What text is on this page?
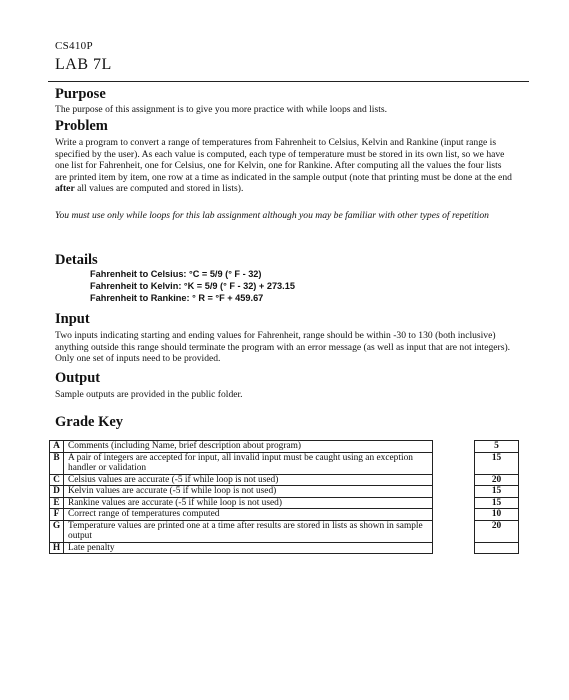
CS410P
LAB 7L
Purpose

The purpose of this assignment is to give you more practice with while loops and lists.

Problem

Write a program to convert a range of temperatures from Fahrenheit to Celsius, Kelvin and Rankine (input range is specified by the user). As each value is computed, each type of temperature must be stored in its own list, so we have one list for Fahrenheit, one for Celsius, one for Kelvin, one for Rankine. After computing all the values the four lists are printed item by item, one row at a time as indicated in the sample output (note that printing must be done at the end after all values are computed and stored in lists).

You must use only while loops for this lab assignment although you may be familiar with other types of repetition

Details
Fahrenheit to Celsius: °C = 5/9 (° F - 32)
Fahrenheit to Kelvin: °K = 5/9 (° F - 32) + 273.15
Fahrenheit to Rankine: ° R = °F + 459.67
Input

Two inputs indicating starting and ending values for Fahrenheit, range should be within -30 to 130 (both inclusive) anything outside this range should terminate the program with an error message (as well as input that are not integers). Only one set of inputs need to be provided.

Output

Sample outputs are provided in the public folder.

Grade Key
A	Comments (including Name, brief description about program)		5
B	A pair of integers are accepted for input, all invalid input must be caught using an exception handler or validation		15
C	Celsius values are accurate (-5 if while loop is not used)		20
D	Kelvin values are accurate (-5 if while loop is not used)		15
E	Rankine values are accurate (-5 if while loop is not used)		15
F	Correct range of temperatures computed		10
G	Temperature values are printed one at a time after results are stored in lists as shown in sample output		20
H	Late penalty		
